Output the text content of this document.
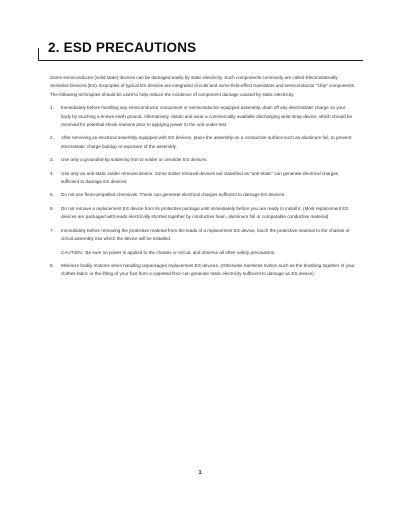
2. ESD PRECAUTIONS

Some semiconductor (solid state) devices can be damaged easily by static electricity. Such components commonly are called Electrostatically Sensitive Devices (ES). Examples of typical ES devices are integrated circuits and some field-effect transistors and semiconductor "chip" components. The following techniques should be used to help reduce the incidence of component damage caused by static electricity.

1. Immediately before handling any semiconductor component or semiconductor-equipped assembly, drain off any electrostatic charge on your body by touching a known earth ground. Alternatively, obtain and wear a commercially available discharging wrist strap device, which should be removed for potential shock reasons prior to applying power to the unit under test.
2. After removing an electrical assembly equipped with ES devices, place the assembly on a conductive surface such as aluminum foil, to prevent electrostatic charge buildup or exposure of the assembly.
3. Use only a grounded-tip soldering iron to solder or unsolder ES devices.
4. Use only an anti-static solder removal device. Some solder removal devices not classified as "anti-static" can generate electrical charges sufficient to damage ES devices.
5. Do not use freon-propelled chemicals. These can generate electrical charges sufficient to damage ES devices.
6. Do not remove a replacement ES device from its protective package until immediately before you are ready to install it. (Most replacement ES devices are packaged with leads electrically shorted together by conductive foam, aluminum foil or comparable conductive material).
7. Immediately before removing the protective material from the leads of a replacement ES device, touch the protective material to the chassis or circuit assembly into which the device will be installed.

CAUTION : Be sure no power is applied to the chassis or circuit, and observe all other safety precautions.

8. Minimize bodily motions when handling unpackaged replacement ES devices. (Otherwise harmless motion such as the brushing together of your clothes fabric or the lifting of your foot from a carpeted floor can generate static electricity sufficient to damage an ES device).
1
